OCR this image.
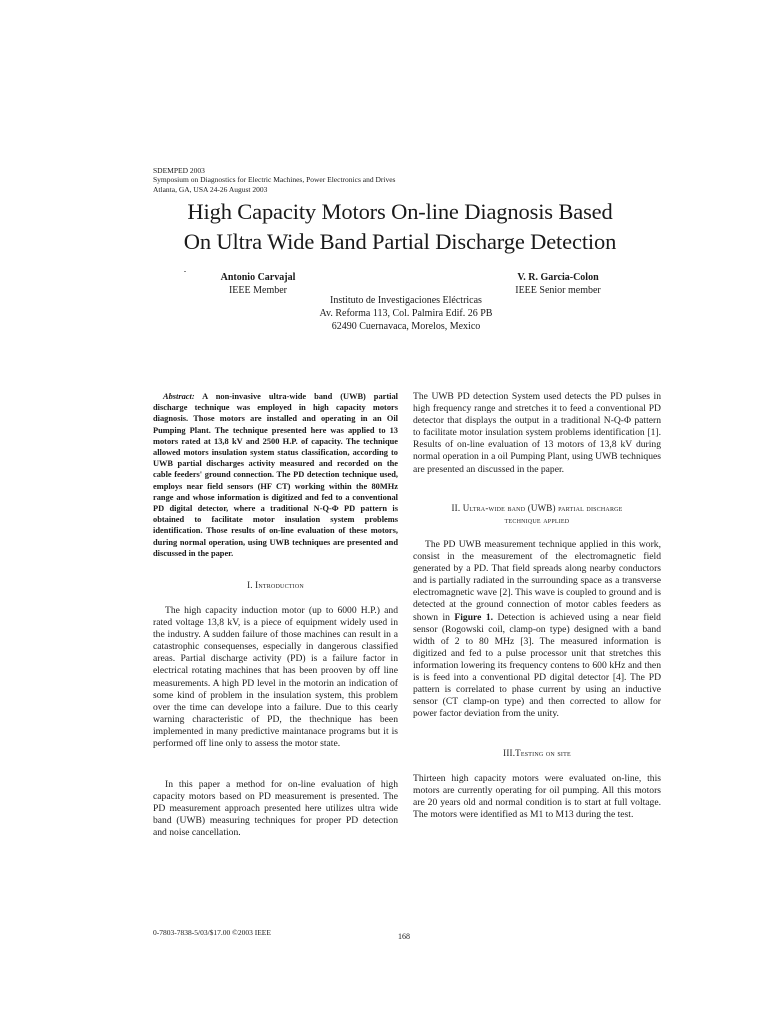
SDEMPED 2003
Symposium on Diagnostics for Electric Machines, Power Electronics and Drives
Atlanta, GA, USA 24-26 August 2003
High Capacity Motors On-line Diagnosis Based
On Ultra Wide Band Partial Discharge Detection
Antonio Carvajal
IEEE Member
V. R. Garcia-Colon
IEEE Senior member
Instituto de Investigaciones Eléctricas
Av. Reforma 113, Col. Palmira Edif. 26 PB
62490 Cuernavaca, Morelos, Mexico

Abstract: A non-invasive ultra-wide band (UWB) partial discharge technique was employed in high capacity motors diagnosis. Those motors are installed and operating in an Oil Pumping Plant. The technique presented here was applied to 13 motors rated at 13,8 kV and 2500 H.P. of capacity. The technique allowed motors insulation system status classification, according to UWB partial discharges activity measured and recorded on the cable feeders' ground connection. The PD detection technique used, employs near field sensors (HF CT) working within the 80MHz range and whose information is digitized and fed to a conventional PD digital detector, where a traditional N-Q-Φ PD pattern is obtained to facilitate motor insulation system problems identification. Those results of on-line evaluation of these motors, during normal operation, using UWB techniques are presented and discussed in the paper.

I. Introduction

The high capacity induction motor (up to 6000 H.P.) and rated voltage 13,8 kV, is a piece of equipment widely used in the industry. A sudden failure of those machines can result in a catastrophic consequenses, especially in dangerous classified areas. Partial discharge activity (PD) is a failure factor in electrical rotating machines that has been prooven by off line measurements. A high PD level in the motorin an indication of some kind of problem in the insulation system, this problem over the time can develope into a failure. Due to this cearly warning characteristic of PD, the thechnique has been implemented in many predictive maintanace programs but it is performed off line only to assess the motor state.

In this paper a method for on-line evaluation of high capacity motors based on PD measurement is presented. The PD measurement approach presented here utilizes ultra wide band (UWB) measuring techniques for proper PD detection and noise cancellation.

The UWB PD detection System used detects the PD pulses in high frequency range and stretches it to feed a conventional PD detector that displays the output in a traditional N-Q-Φ pattern to facilitate motor insulation system problems identification [1]. Results of on-line evaluation of 13 motors of 13,8 kV during normal operation in a oil Pumping Plant, using UWB techniques are presented an discussed in the paper.

II. Ultra-wide band (UWB) partial discharge
technique applied

The PD UWB measurement technique applied in this work, consist in the measurement of the electromagnetic field generated by a PD. That field spreads along nearby conductors and is partially radiated in the surrounding space as a transverse electromagnetic wave [2]. This wave is coupled to ground and is detected at the ground connection of motor cables feeders as shown in Figure 1. Detection is achieved using a near field sensor (Rogowski coil, clamp-on type) designed with a band width of 2 to 80 MHz [3]. The measured information is digitized and fed to a pulse processor unit that stretches this information lowering its frequency contens to 600 kHz and then is is feed into a conventional PD digital detector [4]. The PD pattern is correlated to phase current by using an inductive sensor (CT clamp-on type) and then corrected to allow for power factor deviation from the unity.

III.Testing on site

Thirteen high capacity motors were evaluated on-line, this motors are currently operating for oil pumping. All this motors are 20 years old and normal condition is to start at full voltage. The motors were identified as M1 to M13 during the test.

0-7803-7838-5/03/$17.00 ©2003 IEEE	168
